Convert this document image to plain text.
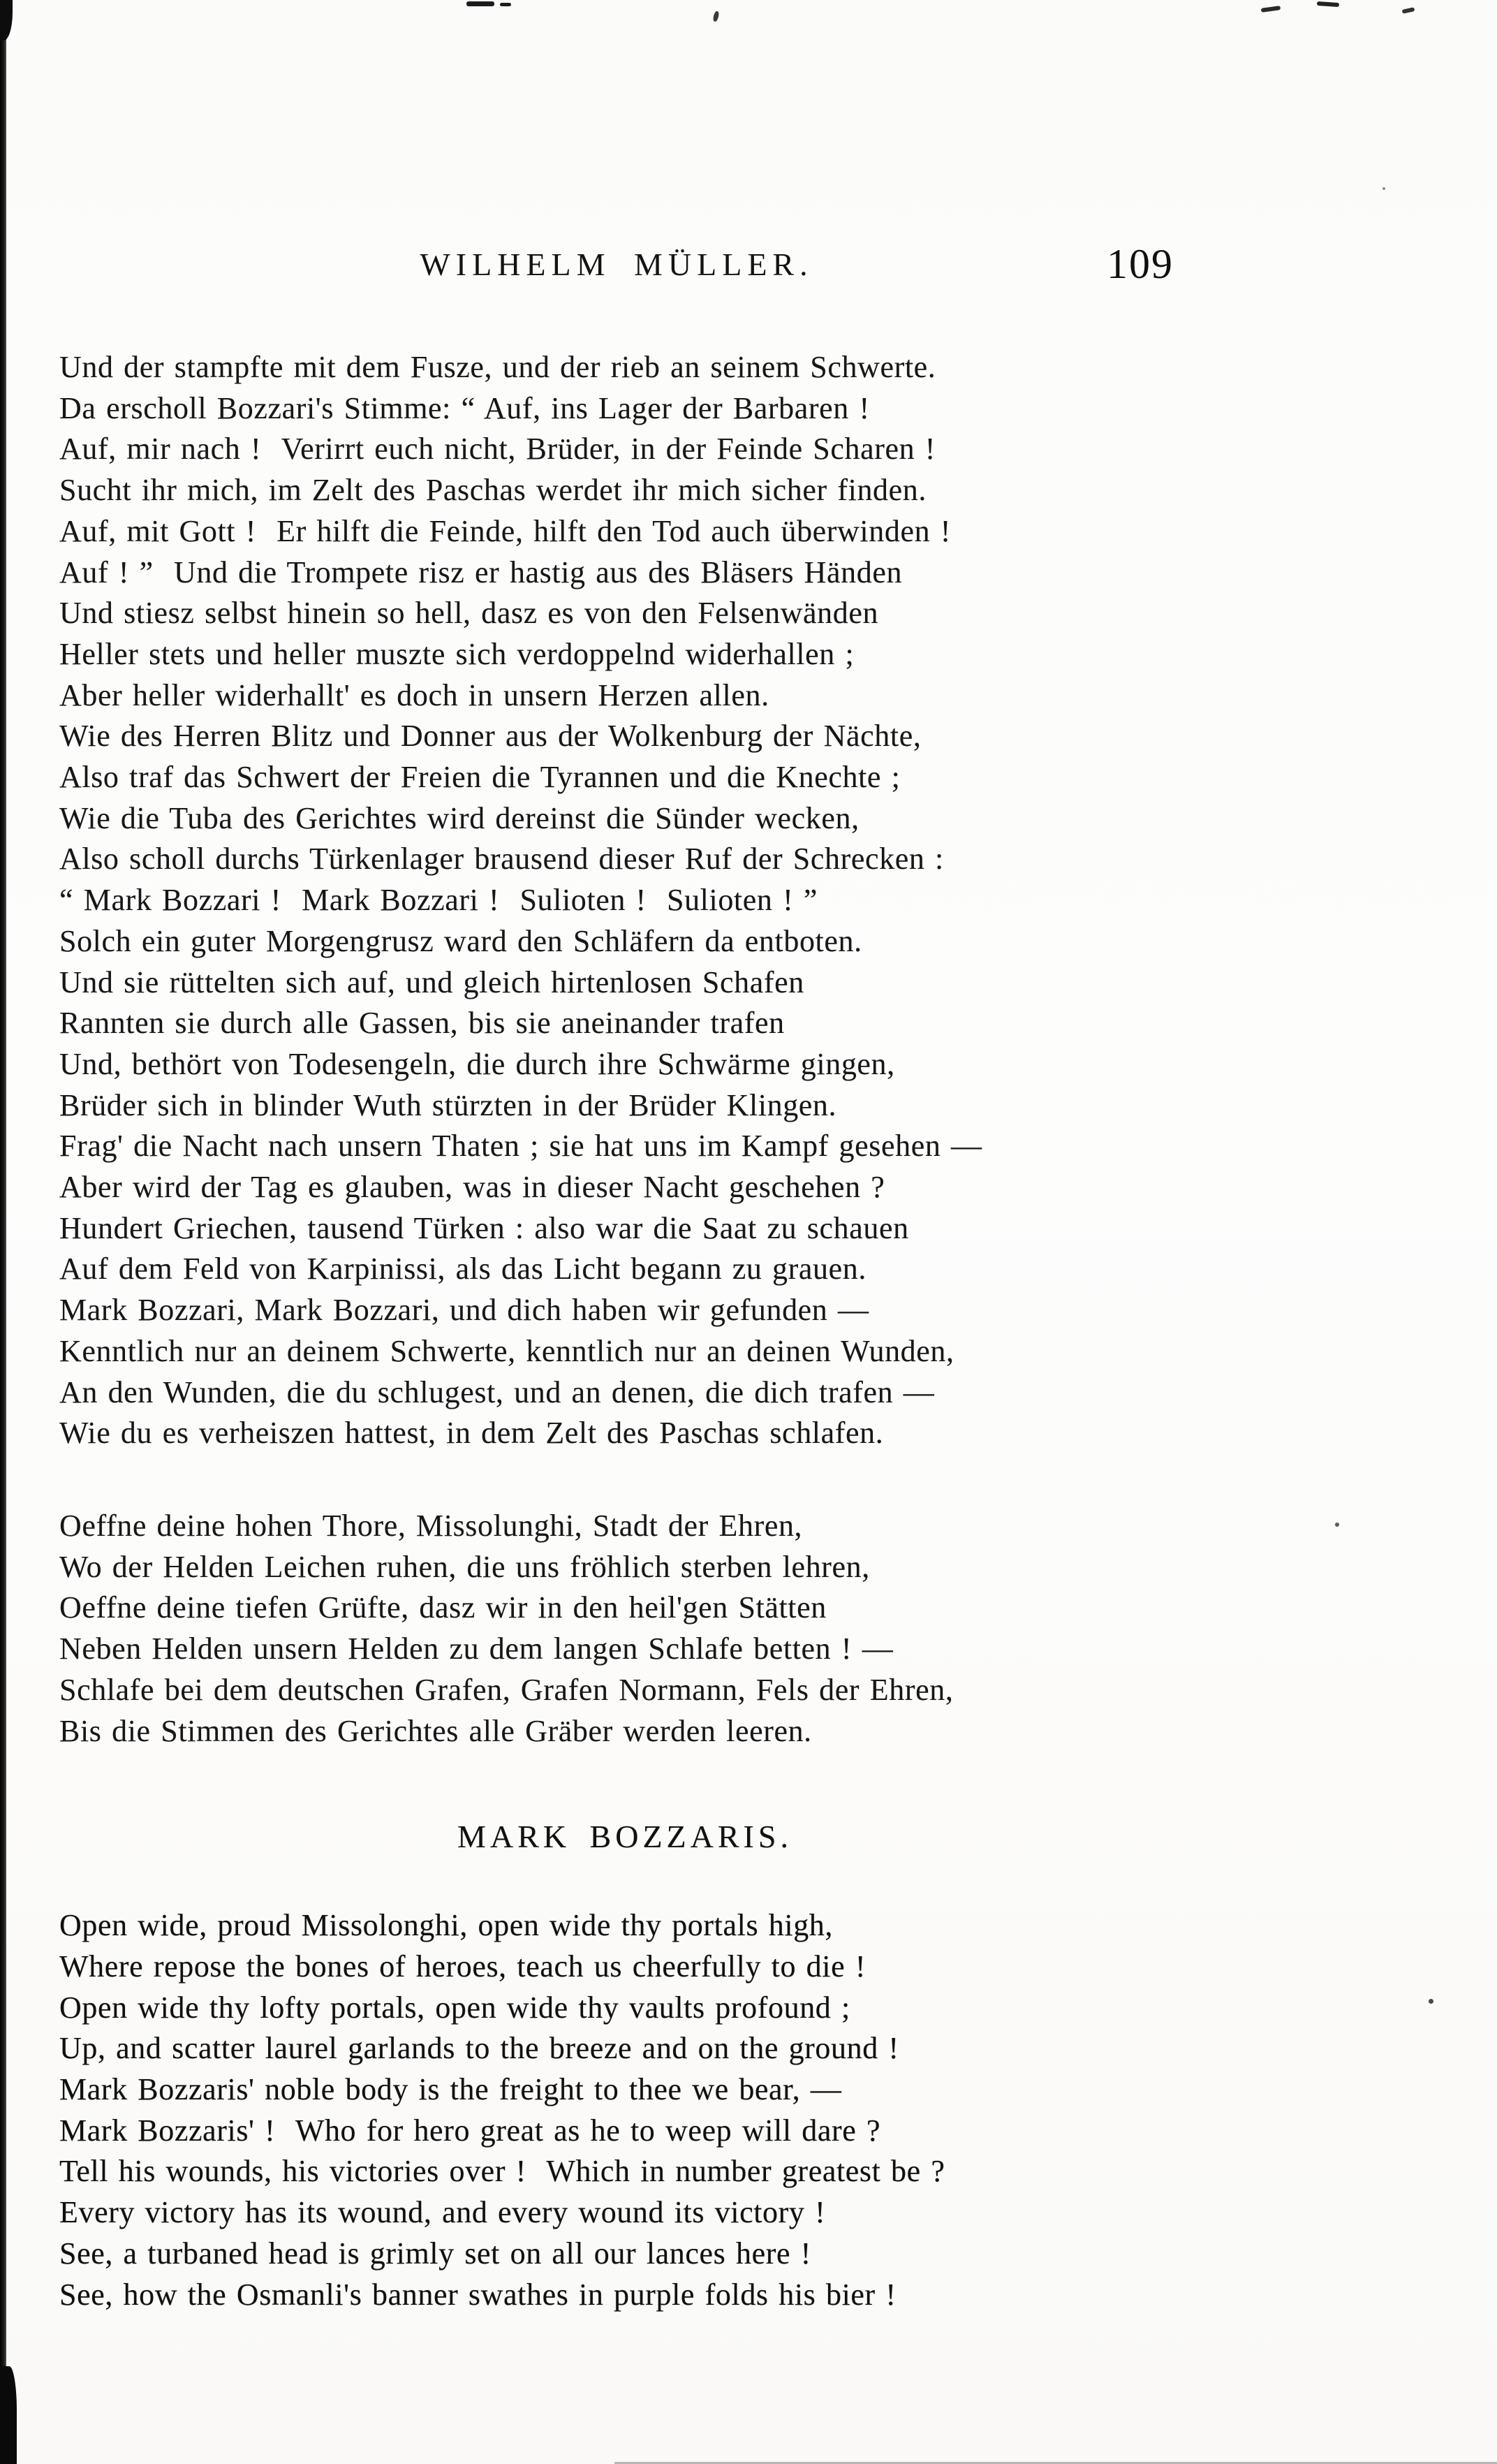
WILHELM MÜLLER.	109
Und der stampfte mit dem Fusze, und der rieb an seinem Schwerte.
Da erscholl Bozzari's Stimme: “ Auf, ins Lager der Barbaren !
Auf, mir nach !  Verirrt euch nicht, Brüder, in der Feinde Scharen !
Sucht ihr mich, im Zelt des Paschas werdet ihr mich sicher finden.
Auf, mit Gott !  Er hilft die Feinde, hilft den Tod auch überwinden !
Auf ! ”  Und die Trompete risz er hastig aus des Bläsers Händen
Und stiesz selbst hinein so hell, dasz es von den Felsenwänden
Heller stets und heller muszte sich verdoppelnd widerhallen ;
Aber heller widerhallt' es doch in unsern Herzen allen.
Wie des Herren Blitz und Donner aus der Wolkenburg der Nächte,
Also traf das Schwert der Freien die Tyrannen und die Knechte ;
Wie die Tuba des Gerichtes wird dereinst die Sünder wecken,
Also scholl durchs Türkenlager brausend dieser Ruf der Schrecken :
“ Mark Bozzari !  Mark Bozzari !  Sulioten !  Sulioten ! ”
Solch ein guter Morgengrusz ward den Schläfern da entboten.
Und sie rüttelten sich auf, und gleich hirtenlosen Schafen
Rannten sie durch alle Gassen, bis sie aneinander trafen
Und, bethört von Todesengeln, die durch ihre Schwärme gingen,
Brüder sich in blinder Wuth stürzten in der Brüder Klingen.
Frag' die Nacht nach unsern Thaten ; sie hat uns im Kampf gesehen —
Aber wird der Tag es glauben, was in dieser Nacht geschehen ?
Hundert Griechen, tausend Türken : also war die Saat zu schauen
Auf dem Feld von Karpinissi, als das Licht begann zu grauen.
Mark Bozzari, Mark Bozzari, und dich haben wir gefunden —
Kenntlich nur an deinem Schwerte, kenntlich nur an deinen Wunden,
An den Wunden, die du schlugest, und an denen, die dich trafen —
Wie du es verheiszen hattest, in dem Zelt des Paschas schlafen.
Oeffne deine hohen Thore, Missolunghi, Stadt der Ehren,
Wo der Helden Leichen ruhen, die uns fröhlich sterben lehren,
Oeffne deine tiefen Grüfte, dasz wir in den heil'gen Stätten
Neben Helden unsern Helden zu dem langen Schlafe betten ! —
Schlafe bei dem deutschen Grafen, Grafen Normann, Fels der Ehren,
Bis die Stimmen des Gerichtes alle Gräber werden leeren.
MARK BOZZARIS.
Open wide, proud Missolonghi, open wide thy portals high,
Where repose the bones of heroes, teach us cheerfully to die !
Open wide thy lofty portals, open wide thy vaults profound ;
Up, and scatter laurel garlands to the breeze and on the ground !
Mark Bozzaris' noble body is the freight to thee we bear, —
Mark Bozzaris' !  Who for hero great as he to weep will dare ?
Tell his wounds, his victories over !  Which in number greatest be ?
Every victory has its wound, and every wound its victory !
See, a turbaned head is grimly set on all our lances here !
See, how the Osmanli's banner swathes in purple folds his bier !
